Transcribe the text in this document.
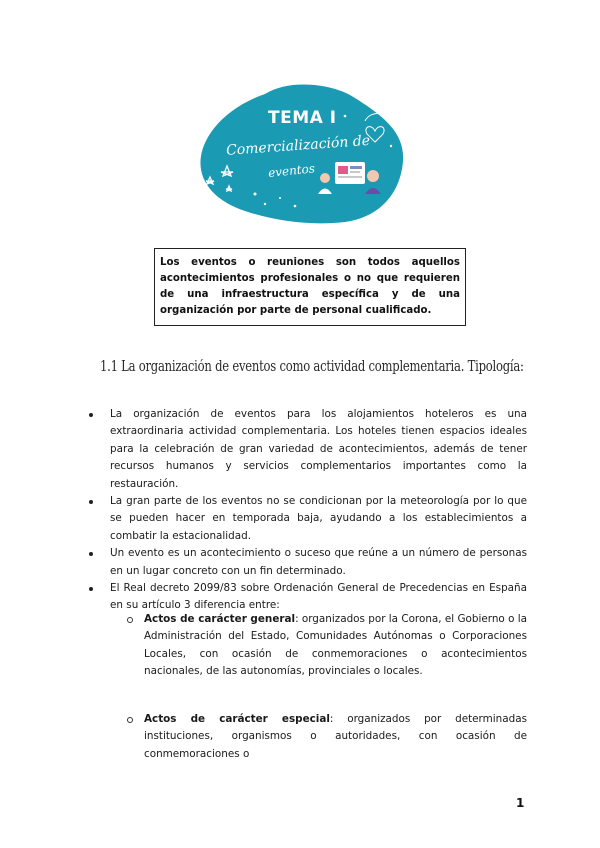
TEMA I
Comercialización de
eventos
Los eventos o reuniones son todos aquellos acontecimientos profesionales o no que requieren de una infraestructura específica y de una organización por parte de personal cualificado.
1.1 La organización de eventos como actividad complementaria. Tipología:
La organización de eventos para los alojamientos hoteleros es una extraordinaria actividad complementaria. Los hoteles tienen espacios ideales para la celebración de gran variedad de acontecimientos, además de tener recursos humanos y servicios complementarios importantes como la restauración.
La gran parte de los eventos no se condicionan por la meteorología por lo que se pueden hacer en temporada baja, ayudando a los establecimientos a combatir la estacionalidad.
Un evento es un acontecimiento o suceso que reúne a un número de personas en un lugar concreto con un fin determinado.
El Real decreto 2099/83 sobre Ordenación General de Precedencias en España en su artículo 3 diferencia entre:
Actos de carácter general: organizados por la Corona, el Gobierno o la Administración del Estado, Comunidades Autónomas o Corporaciones Locales, con ocasión de conmemoraciones o acontecimientos nacionales, de las autonomías, provinciales o locales.
Actos de carácter especial: organizados por determinadas instituciones, organismos o autoridades, con ocasión de conmemoraciones o
1
